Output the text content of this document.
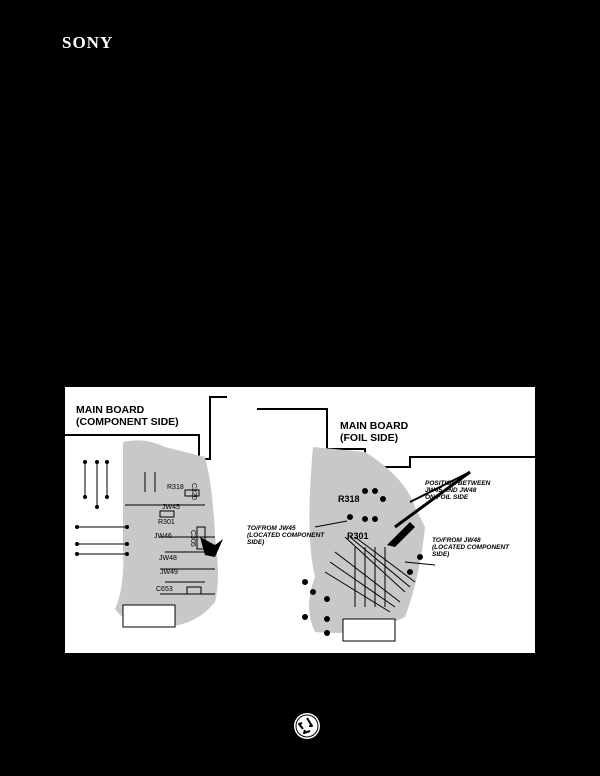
SONY
MAIN BOARD
(COMPONENT SIDE)	MAIN BOARD
(FOIL SIDE)
R318
JW45
R301
JW46
JW48
JW49
C653
C320
C305
R318
R301
POSITION BETWEEN
JW45 AND JW48
ON FOIL SIDE
TO/FROM JW45
(LOCATED COMPONENT
SIDE)	TO/FROM JW48
(LOCATED COMPONENT
SIDE)
